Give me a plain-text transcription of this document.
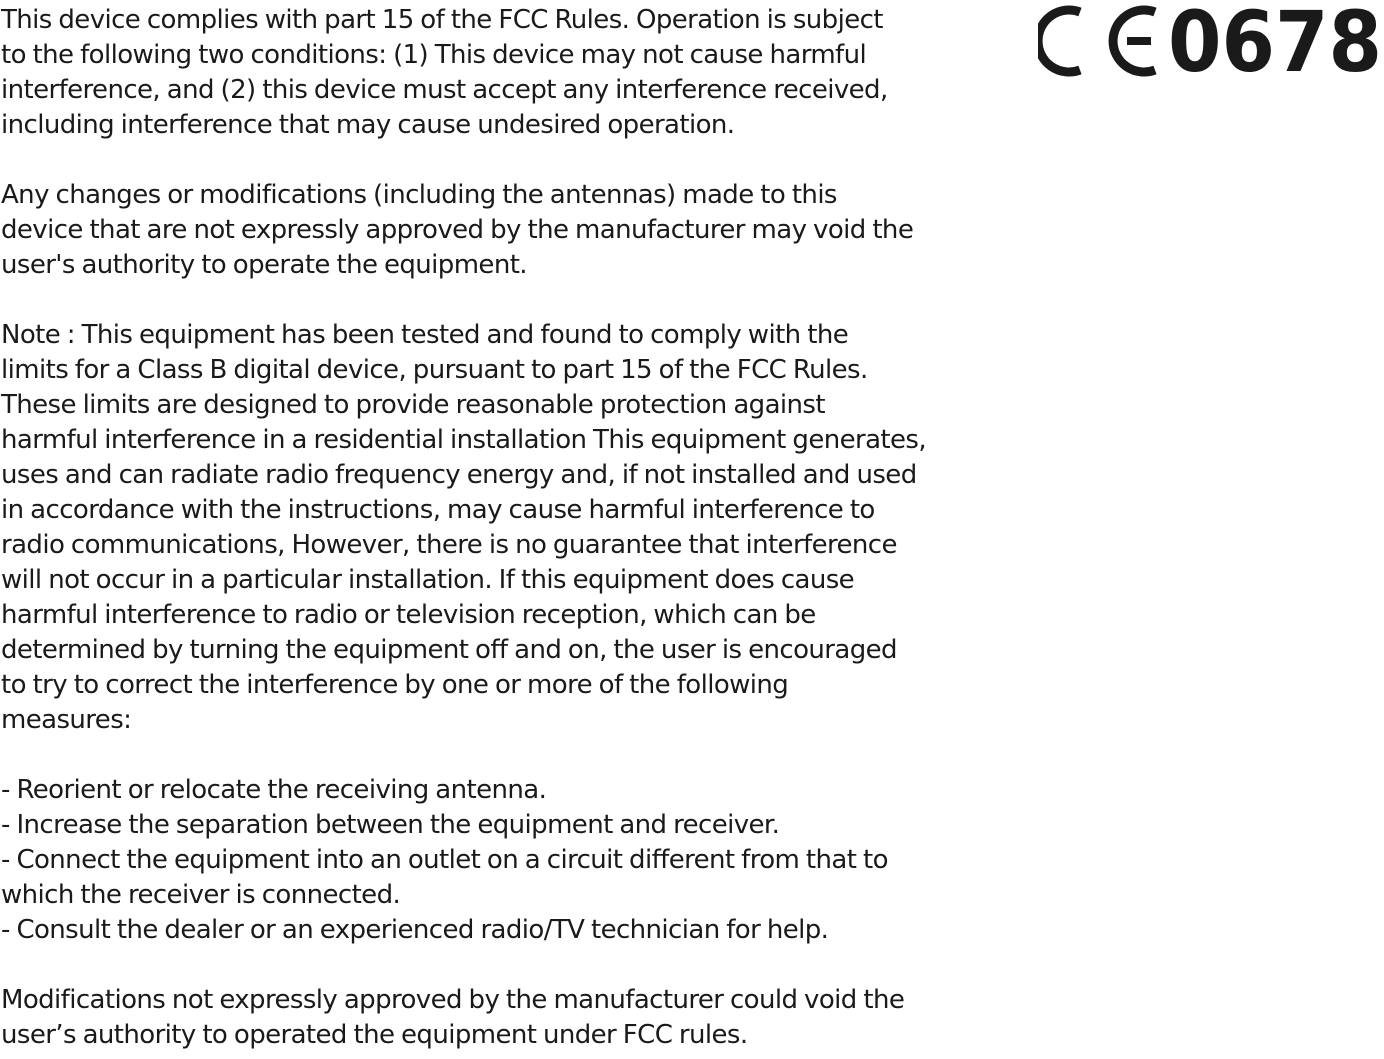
This device complies with part 15 of the FCC Rules. Operation is subject
to the following two conditions: (1) This device may not cause harmful
interference, and (2) this device must accept any interference received,
including interference that may cause undesired operation.
Any changes or modifications (including the antennas) made to this
device that are not expressly approved by the manufacturer may void the
user's authority to operate the equipment.
Note : This equipment has been tested and found to comply with the
limits for a Class B digital device, pursuant to part 15 of the FCC Rules.
These limits are designed to provide reasonable protection against
harmful interference in a residential installation This equipment generates,
uses and can radiate radio frequency energy and, if not installed and used
in accordance with the instructions, may cause harmful interference to
radio communications, However, there is no guarantee that interference
will not occur in a particular installation. If this equipment does cause
harmful interference to radio or television reception, which can be
determined by turning the equipment off and on, the user is encouraged
to try to correct the interference by one or more of the following
measures:
- Reorient or relocate the receiving antenna.
- Increase the separation between the equipment and receiver.
- Connect the equipment into an outlet on a circuit different from that to
which the receiver is connected.
- Consult the dealer or an experienced radio/TV technician for help.
Modifications not expressly approved by the manufacturer could void the
user’s authority to operated the equipment under FCC rules.
0678
